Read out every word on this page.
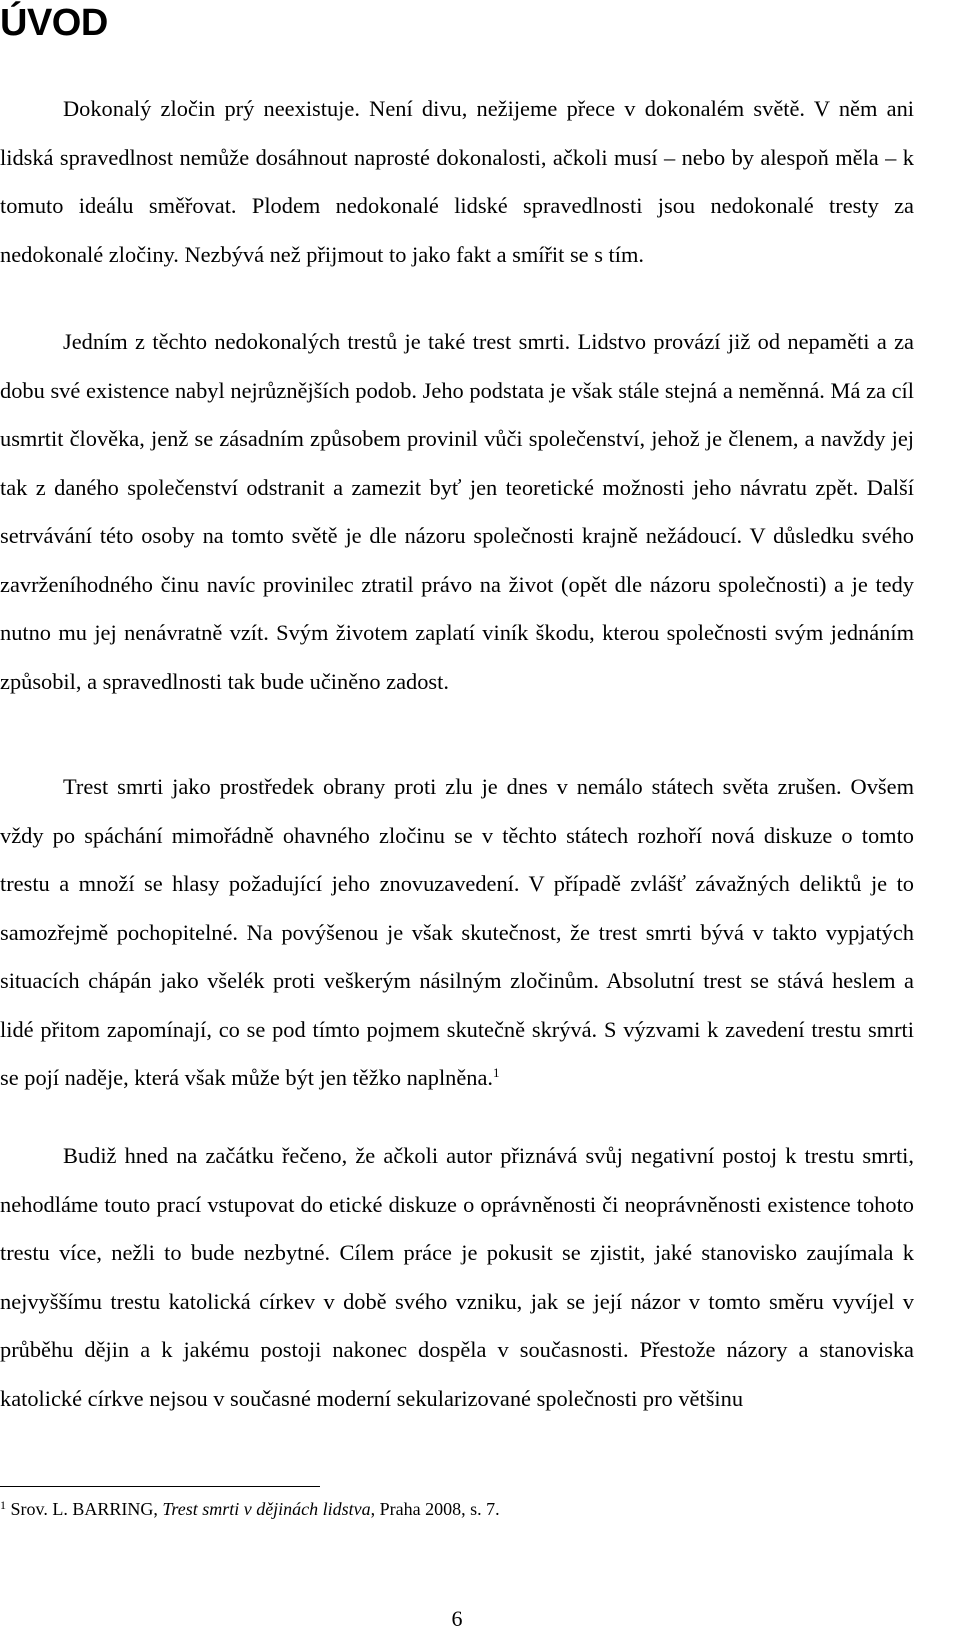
ÚVOD

Dokonalý zločin prý neexistuje. Není divu, nežijeme přece v dokonalém světě. V něm ani lidská spravedlnost nemůže dosáhnout naprosté dokonalosti, ačkoli musí – nebo by alespoň měla – k tomuto ideálu směřovat. Plodem nedokonalé lidské spravedlnosti jsou nedokonalé tresty za nedokonalé zločiny. Nezbývá než přijmout to jako fakt a smířit se s tím.

Jedním z těchto nedokonalých trestů je také trest smrti. Lidstvo provází již od nepaměti a za dobu své existence nabyl nejrůznějších podob. Jeho podstata je však stále stejná a neměnná. Má za cíl usmrtit člověka, jenž se zásadním způsobem provinil vůči společenství, jehož je členem, a navždy jej tak z daného společenství odstranit a zamezit byť jen teoretické možnosti jeho návratu zpět. Další setrvávání této osoby na tomto světě je dle názoru společnosti krajně nežádoucí. V důsledku svého zavrženíhodného činu navíc provinilec ztratil právo na život (opět dle názoru společnosti) a je tedy nutno mu jej nenávratně vzít. Svým životem zaplatí viník škodu, kterou společnosti svým jednáním způsobil, a spravedlnosti tak bude učiněno zadost.

Trest smrti jako prostředek obrany proti zlu je dnes v nemálo státech světa zrušen. Ovšem vždy po spáchání mimořádně ohavného zločinu se v těchto státech rozhoří nová diskuze o tomto trestu a množí se hlasy požadující jeho znovuzavedení. V případě zvlášť závažných deliktů je to samozřejmě pochopitelné. Na povýšenou je však skutečnost, že trest smrti bývá v takto vypjatých situacích chápán jako všelék proti veškerým násilným zločinům. Absolutní trest se stává heslem a lidé přitom zapomínají, co se pod tímto pojmem skutečně skrývá. S výzvami k zavedení trestu smrti se pojí naděje, která však může být jen těžko naplněna.$^1$

Budiž hned na začátku řečeno, že ačkoli autor přiznává svůj negativní postoj k trestu smrti, nehodláme touto prací vstupovat do etické diskuze o oprávněnosti či neoprávněnosti existence tohoto trestu více, nežli to bude nezbytné. Cílem práce je pokusit se zjistit, jaké stanovisko zaujímala k nejvyššímu trestu katolická církev v době svého vzniku, jak se její názor v tomto směru vyvíjel v průběhu dějin a k jakému postoji nakonec dospěla v současnosti. Přestože názory a stanoviska katolické církve nejsou v současné moderní sekularizované společnosti pro většinu

$^1$ Srov. L. BARRING, Trest smrti v dějinách lidstva, Praha 2008, s. 7.

6
